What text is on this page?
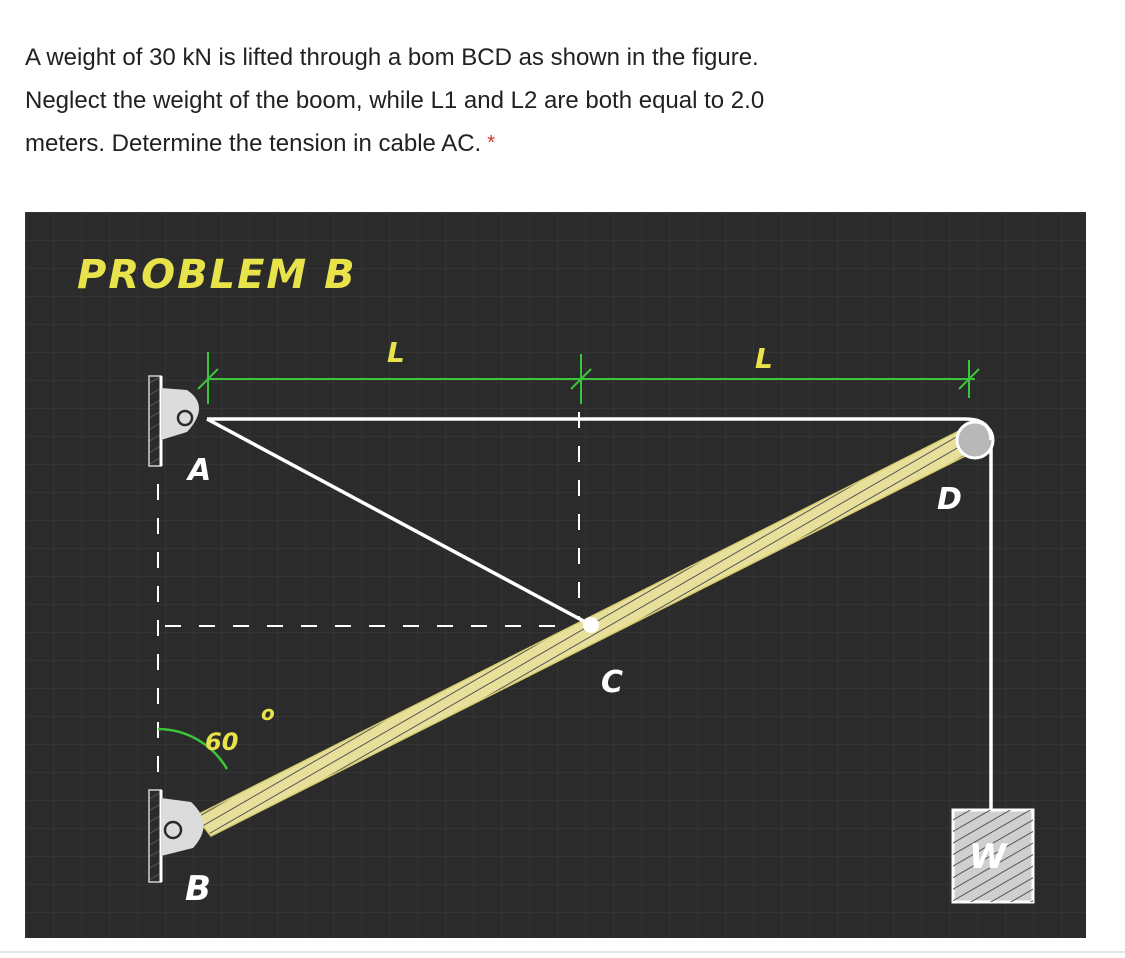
A weight of 30 kN is lifted through a bom BCD as shown in the figure.
Neglect the weight of the boom, while L1 and L2 are both equal to 2.0
meters. Determine the tension in cable AC. *
PROBLEM B
L	L
60
o
A
B
C
D
W
